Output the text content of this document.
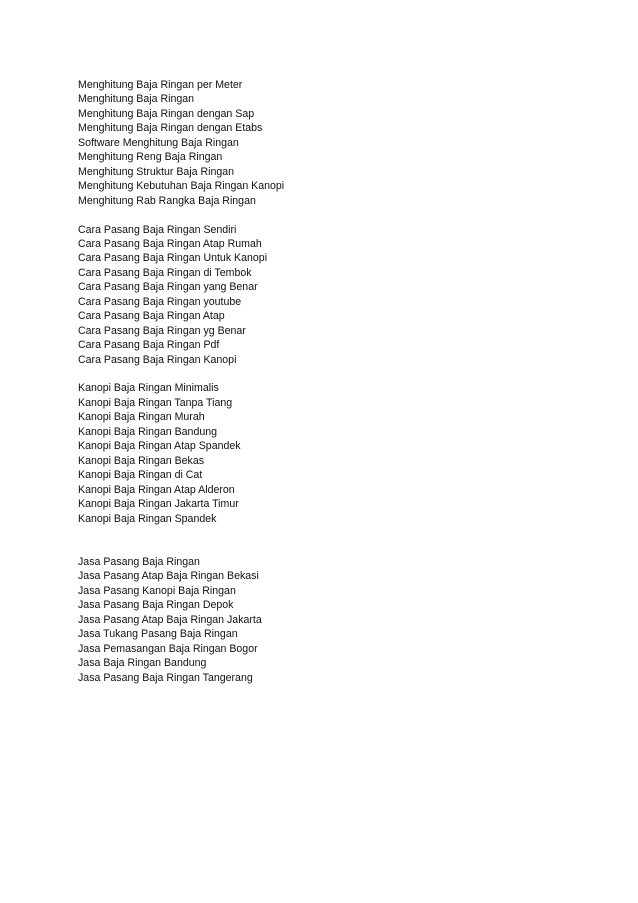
Menghitung Baja Ringan per Meter
Menghitung Baja Ringan
Menghitung Baja Ringan dengan Sap
Menghitung Baja Ringan dengan Etabs
Software Menghitung Baja Ringan
Menghitung Reng Baja Ringan
Menghitung Struktur Baja Ringan
Menghitung Kebutuhan Baja Ringan Kanopi
Menghitung Rab Rangka Baja Ringan
Cara Pasang Baja Ringan Sendiri
Cara Pasang Baja Ringan Atap Rumah
Cara Pasang Baja Ringan Untuk Kanopi
Cara Pasang Baja Ringan di Tembok
Cara Pasang Baja Ringan yang Benar
Cara Pasang Baja Ringan youtube
Cara Pasang Baja Ringan Atap
Cara Pasang Baja Ringan yg Benar
Cara Pasang Baja Ringan Pdf
Cara Pasang Baja Ringan Kanopi
Kanopi Baja Ringan Minimalis
Kanopi Baja Ringan Tanpa Tiang
Kanopi Baja Ringan Murah
Kanopi Baja Ringan Bandung
Kanopi Baja Ringan Atap Spandek
Kanopi Baja Ringan Bekas
Kanopi Baja Ringan di Cat
Kanopi Baja Ringan Atap Alderon
Kanopi Baja Ringan Jakarta Timur
Kanopi Baja Ringan Spandek
Jasa Pasang Baja Ringan
Jasa Pasang Atap Baja Ringan Bekasi
Jasa Pasang Kanopi Baja Ringan
Jasa Pasang Baja Ringan Depok
Jasa Pasang Atap Baja Ringan Jakarta
Jasa Tukang Pasang Baja Ringan
Jasa Pemasangan Baja Ringan Bogor
Jasa Baja Ringan Bandung
Jasa Pasang Baja Ringan Tangerang
